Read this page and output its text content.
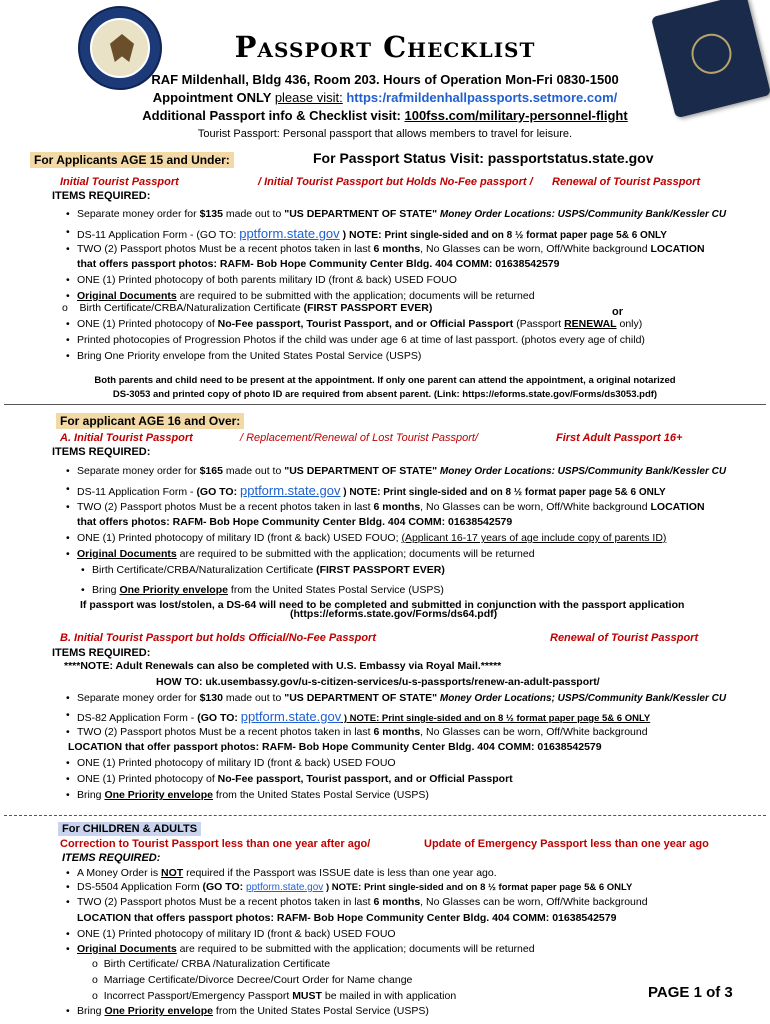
Passport Checklist
RAF Mildenhall, Bldg 436, Room 203. Hours of Operation Mon-Fri 0830-1500
Appointment ONLY please visit: https:/rafmildenhallpassports.setmore.com/
Additional Passport info & Checklist visit: 100fss.com/military-personnel-flight
Tourist Passport: Personal passport that allows members to travel for leisure.
For Applicants AGE 15 and Under:	For Passport Status Visit: passportstatus.state.gov
Initial Tourist Passport	/ Initial Tourist Passport but Holds No-Fee passport / Renewal of Tourist Passport
ITEMS REQUIRED:
• Separate money order for $135 made out to "US DEPARTMENT OF STATE" Money Order Locations: USPS/Community Bank/Kessler CU
• DS-11 Application Form - (GO TO: pptform.state.gov ) NOTE: Print single-sided and on 8 ½ format paper page 5& 6 ONLY
• TWO (2) Passport photos Must be a recent photos taken in last 6 months, No Glasses can be worn, Off/White background LOCATION
that offers passport photos: RAFM- Bob Hope Community Center Bldg. 404 COMM: 01638542579
• ONE (1) Printed photocopy of both parents military ID (front & back) USED FOUO
• Original Documents are required to be submitted with the application; documents will be returned
o    Birth Certificate/CRBA/Naturalization Certificate (FIRST PASSPORT EVER)	or
• ONE (1) Printed photocopy of No-Fee passport, Tourist Passport, and or Official Passport (Passport RENEWAL only)
• Printed photocopies of Progression Photos if the child was under age 6 at time of last passport. (photos every age of child)
• Bring One Priority envelope from the United States Postal Service (USPS)
Both parents and child need to be present at the appointment. If only one parent can attend the appointment, a original notarized
DS-3053 and printed copy of photo ID are required from absent parent. (Link: https://eforms.state.gov/Forms/ds3053.pdf)
For applicant AGE 16 and Over:
A. Initial Tourist Passport	/ Replacement/Renewal of Lost Tourist Passport/	First Adult Passport 16+
ITEMS REQUIRED:
• Separate money order for $165 made out to "US DEPARTMENT OF STATE" Money Order Locations: USPS/Community Bank/Kessler CU
• DS-11 Application Form - (GO TO: pptform.state.gov ) NOTE: Print single-sided and on 8 ½ format paper page 5& 6 ONLY
• TWO (2) Passport photos Must be a recent photos taken in last 6 months, No Glasses can be worn, Off/White background LOCATION
that offers photos: RAFM- Bob Hope Community Center Bldg. 404 COMM: 01638542579
• ONE (1) Printed photocopy of military ID (front & back) USED FOUO; (Applicant 16-17 years of age include copy of parents ID)
• Original Documents are required to be submitted with the application; documents will be returned
• Birth Certificate/CRBA/Naturalization Certificate (FIRST PASSPORT EVER)
• Bring One Priority envelope from the United States Postal Service (USPS)
If passport was lost/stolen, a DS-64 will need to be completed and submitted in conjunction with the passport application
(https://eforms.state.gov/Forms/ds64.pdf)
B. Initial Tourist Passport but holds Official/No-Fee Passport	Renewal of Tourist Passport
ITEMS REQUIRED:
****NOTE: Adult Renewals can also be completed with U.S. Embassy via Royal Mail.*****
HOW TO: uk.usembassy.gov/u-s-citizen-services/u-s-passports/renew-an-adult-passport/
• Separate money order for $130 made out to "US DEPARTMENT OF STATE" Money Order Locations; USPS/Community Bank/Kessler CU
• DS-82 Application Form - (GO TO: pptform.state.gov ) NOTE: Print single-sided and on 8 ½ format paper page 5& 6 ONLY
• TWO (2) Passport photos Must be a recent photos taken in last 6 months, No Glasses can be worn, Off/White background
LOCATION that offer passport photos: RAFM- Bob Hope Community Center Bldg. 404 COMM: 01638542579
• ONE (1) Printed photocopy of military ID (front & back) USED FOUO
• ONE (1) Printed photocopy of No-Fee passport, Tourist passport, and or Official Passport
• Bring One Priority envelope from the United States Postal Service (USPS)
For CHILDREN & ADULTS
Correction to Tourist Passport less than one year after ago/	Update of Emergency Passport less than one year ago
ITEMS REQUIRED:
• A Money Order is NOT required if the Passport was ISSUE date is less than one year ago.
• DS-5504 Application Form (GO TO: pptform.state.gov ) NOTE: Print single-sided and on 8 ½ format paper page 5& 6 ONLY
• TWO (2) Passport photos Must be a recent photos taken in last 6 months, No Glasses can be worn, Off/White background
LOCATION that offers passport photos: RAFM- Bob Hope Community Center Bldg. 404 COMM: 01638542579
• ONE (1) Printed photocopy of military ID (front & back) USED FOUO
• Original Documents are required to be submitted with the application; documents will be returned
o  Birth Certificate/ CRBA /Naturalization Certificate
o  Marriage Certificate/Divorce Decree/Court Order for Name change
o  Incorrect Passport/Emergency Passport MUST be mailed in with application
• Bring One Priority envelope from the United States Postal Service (USPS)
PAGE 1 of 3
